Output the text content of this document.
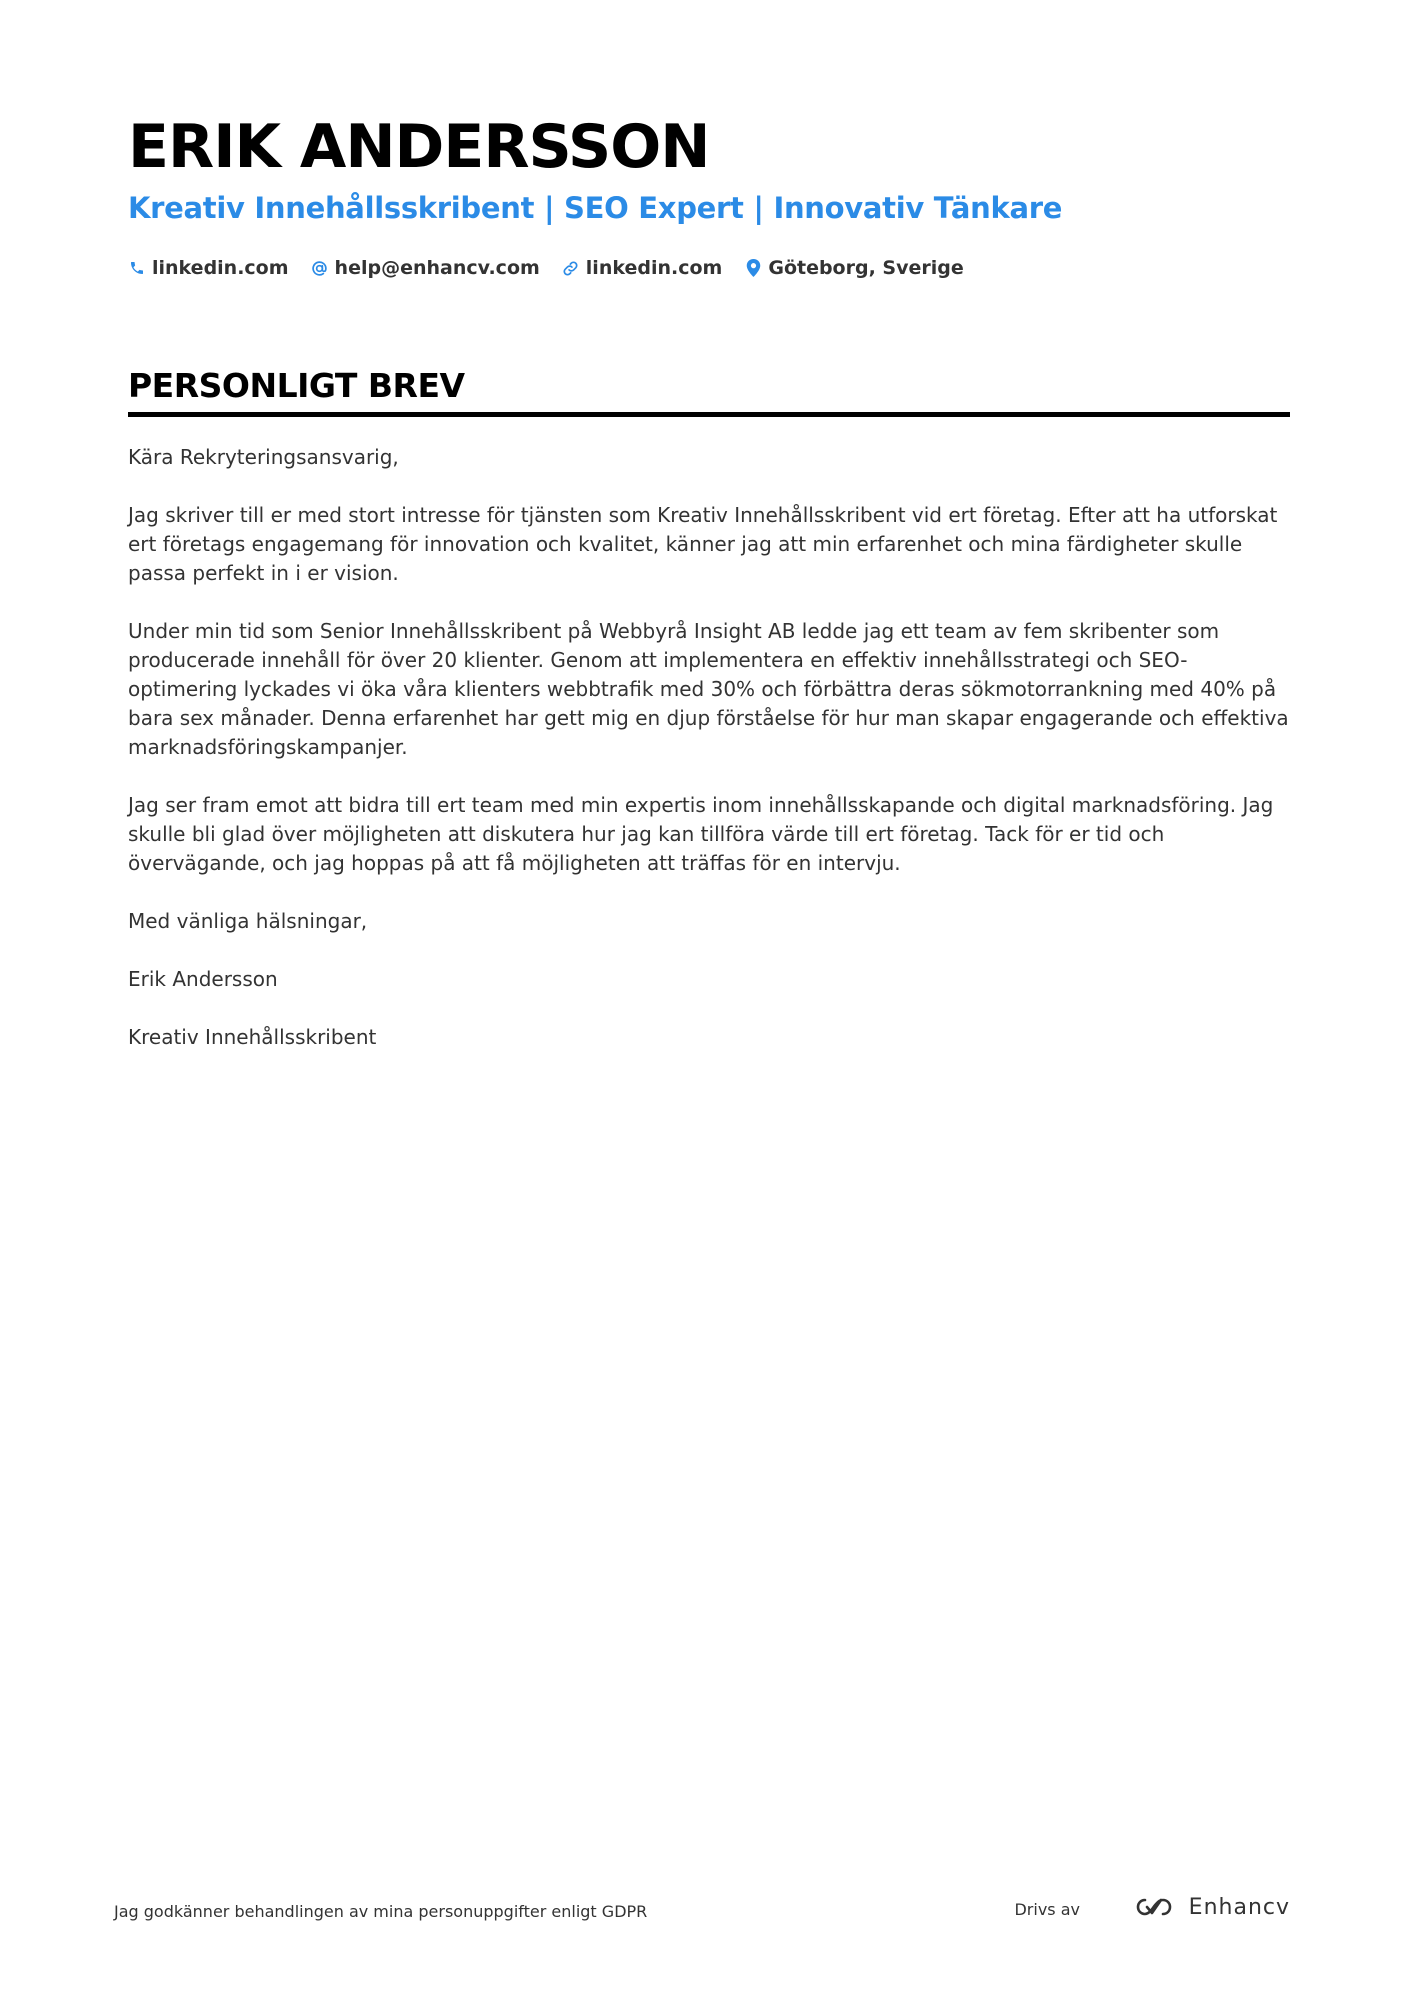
ERIK ANDERSSON
Kreativ Innehållsskribent | SEO Expert | Innovativ Tänkare
linkedin.com help@enhancv.com linkedin.com Göteborg, Sverige
PERSONLIGT BREV

Kära Rekryteringsansvarig,

Jag skriver till er med stort intresse för tjänsten som Kreativ Innehållsskribent vid ert företag. Efter att ha utforskat ert företags engagemang för innovation och kvalitet, känner jag att min erfarenhet och mina färdigheter skulle passa perfekt in i er vision.

Under min tid som Senior Innehållsskribent på Webbyrå Insight AB ledde jag ett team av fem skribenter som producerade innehåll för över 20 klienter. Genom att implementera en effektiv innehållsstrategi och SEO-optimering lyckades vi öka våra klienters webbtrafik med 30% och förbättra deras sökmotorrankning med 40% på bara sex månader. Denna erfarenhet har gett mig en djup förståelse för hur man skapar engagerande och effektiva marknadsföringskampanjer.

Jag ser fram emot att bidra till ert team med min expertis inom innehållsskapande och digital marknadsföring. Jag skulle bli glad över möjligheten att diskutera hur jag kan tillföra värde till ert företag. Tack för er tid och övervägande, och jag hoppas på att få möjligheten att träffas för en intervju.

Med vänliga hälsningar,

Erik Andersson

Kreativ Innehållsskribent

Jag godkänner behandlingen av mina personuppgifter enligt GDPR	Drivs av	Enhancv
